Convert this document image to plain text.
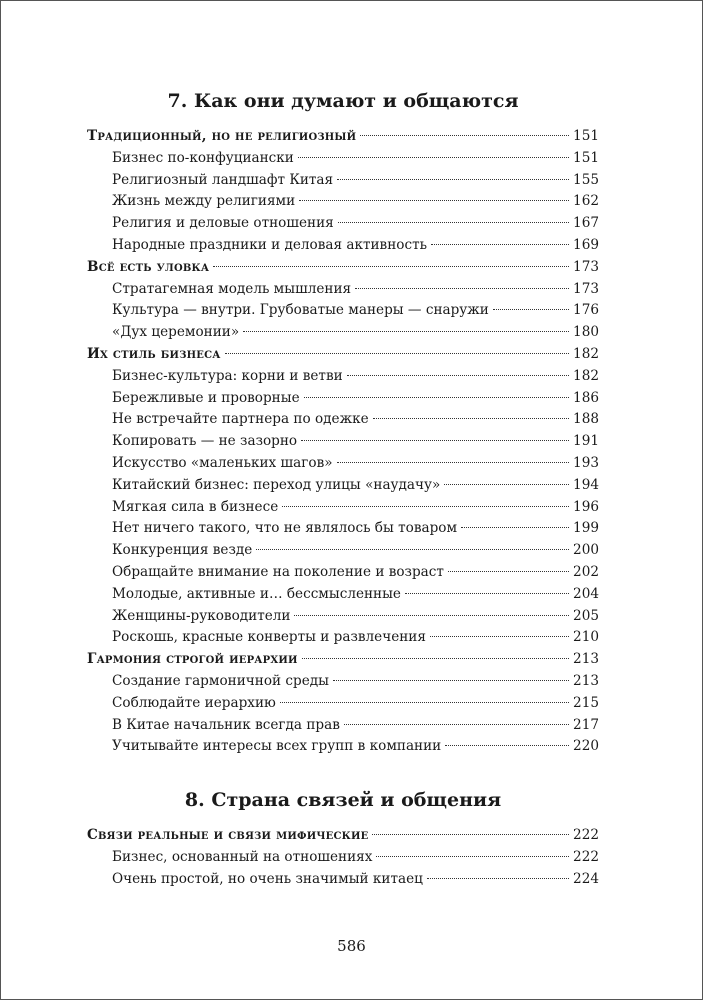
7. Как они думают и общаются
Традиционный, но не религиозный	151
Бизнес по-конфуциански	151
Религиозный ландшафт Китая	155
Жизнь между религиями	162
Религия и деловые отношения	167
Народные праздники и деловая активность	169
Всё есть уловка	173
Стратагемная модель мышления	173
Культура — внутри. Грубоватые манеры — снаружи	176
«Дух церемонии»	180
Их стиль бизнеса	182
Бизнес-культура: корни и ветви	182
Бережливые и проворные	186
Не встречайте партнера по одежке	188
Копировать — не зазорно	191
Искусство «маленьких шагов»	193
Китайский бизнес: переход улицы «наудачу»	194
Мягкая сила в бизнесе	196
Нет ничего такого, что не являлось бы товаром	199
Конкуренция везде	200
Обращайте внимание на поколение и возраст	202
Молодые, активные и… бессмысленные	204
Женщины-руководители	205
Роскошь, красные конверты и развлечения	210
Гармония строгой иерархии	213
Создание гармоничной среды	213
Соблюдайте иерархию	215
В Китае начальник всегда прав	217
Учитывайте интересы всех групп в компании	220
8. Страна связей и общения
Связи реальные и связи мифические	222
Бизнес, основанный на отношениях	222
Очень простой, но очень значимый китаец	224
586
